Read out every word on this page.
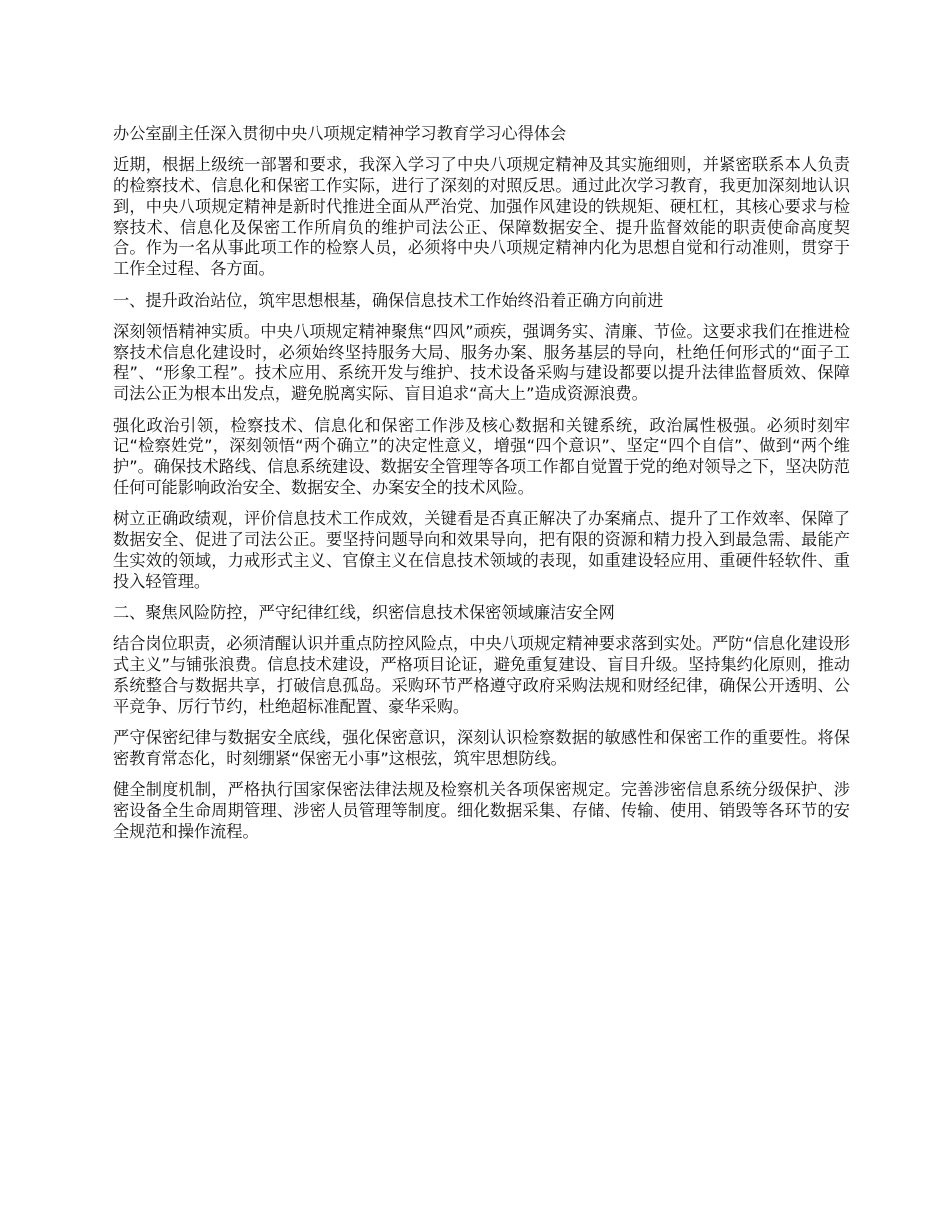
办公室副主任深入贯彻中央八项规定精神学习教育学习心得体会

近期，根据上级统一部署和要求，我深入学习了中央八项规定精神及其实施细则，并紧密联系本人负责的检察技术、信息化和保密工作实际，进行了深刻的对照反思。通过此次学习教育，我更加深刻地认识到，中央八项规定精神是新时代推进全面从严治党、加强作风建设的铁规矩、硬杠杠，其核心要求与检察技术、信息化及保密工作所肩负的维护司法公正、保障数据安全、提升监督效能的职责使命高度契合。作为一名从事此项工作的检察人员，必须将中央八项规定精神内化为思想自觉和行动准则，贯穿于工作全过程、各方面。

一、提升政治站位，筑牢思想根基，确保信息技术工作始终沿着正确方向前进

深刻领悟精神实质。中央八项规定精神聚焦“四风”顽疾，强调务实、清廉、节俭。这要求我们在推进检察技术信息化建设时，必须始终坚持服务大局、服务办案、服务基层的导向，杜绝任何形式的“面子工程”、“形象工程”。技术应用、系统开发与维护、技术设备采购与建设都要以提升法律监督质效、保障司法公正为根本出发点，避免脱离实际、盲目追求“高大上”造成资源浪费。

强化政治引领，检察技术、信息化和保密工作涉及核心数据和关键系统，政治属性极强。必须时刻牢记“检察姓党”，深刻领悟“两个确立”的决定性意义，增强“四个意识”、坚定“四个自信”、做到“两个维护”。确保技术路线、信息系统建设、数据安全管理等各项工作都自觉置于党的绝对领导之下，坚决防范任何可能影响政治安全、数据安全、办案安全的技术风险。

树立正确政绩观，评价信息技术工作成效，关键看是否真正解决了办案痛点、提升了工作效率、保障了数据安全、促进了司法公正。要坚持问题导向和效果导向，把有限的资源和精力投入到最急需、最能产生实效的领域，力戒形式主义、官僚主义在信息技术领域的表现，如重建设轻应用、重硬件轻软件、重投入轻管理。

二、聚焦风险防控，严守纪律红线，织密信息技术保密领域廉洁安全网

结合岗位职责，必须清醒认识并重点防控风险点，中央八项规定精神要求落到实处。严防“信息化建设形式主义”与铺张浪费。信息技术建设，严格项目论证，避免重复建设、盲目升级。坚持集约化原则，推动系统整合与数据共享，打破信息孤岛。采购环节严格遵守政府采购法规和财经纪律，确保公开透明、公平竞争、厉行节约，杜绝超标准配置、豪华采购。

严守保密纪律与数据安全底线，强化保密意识，深刻认识检察数据的敏感性和保密工作的重要性。将保密教育常态化，时刻绷紧“保密无小事”这根弦，筑牢思想防线。

健全制度机制，严格执行国家保密法律法规及检察机关各项保密规定。完善涉密信息系统分级保护、涉密设备全生命周期管理、涉密人员管理等制度。细化数据采集、存储、传输、使用、销毁等各环节的安全规范和操作流程。
